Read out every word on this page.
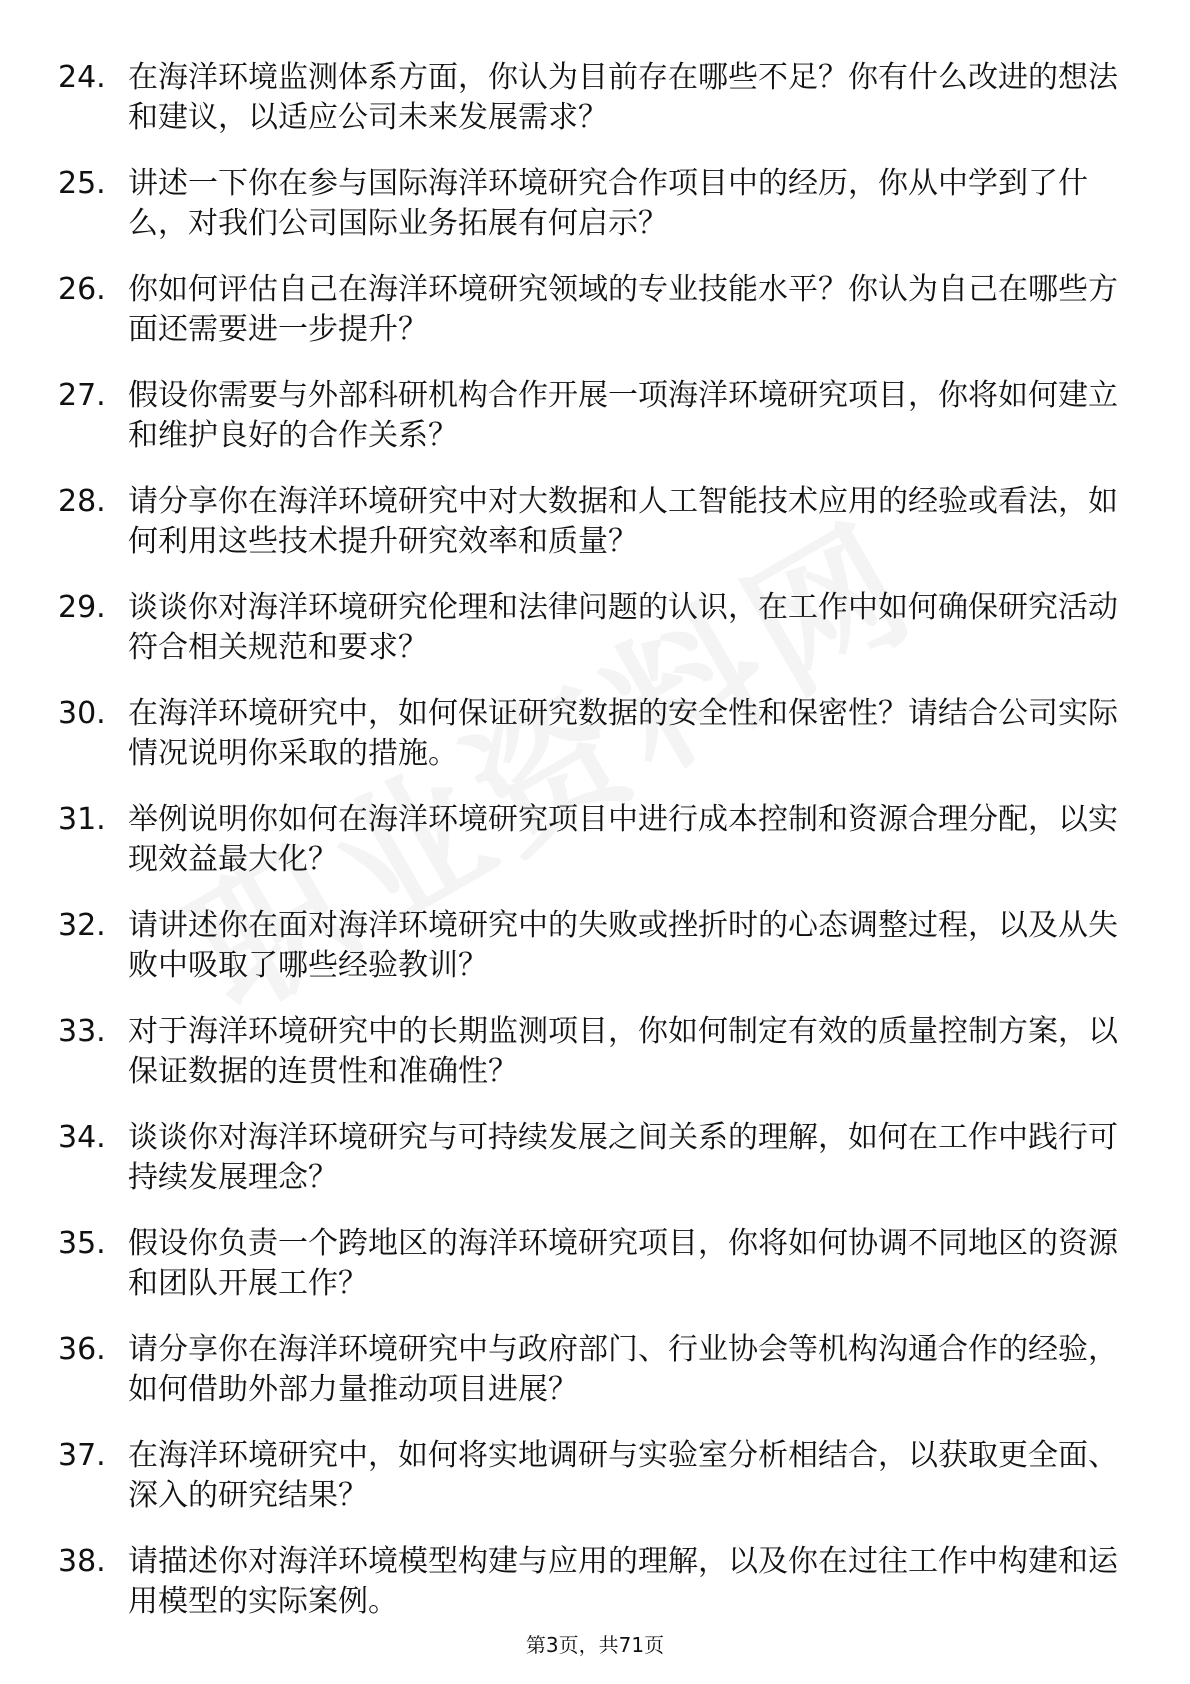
24. 在海洋环境监测体系方面，你认为目前存在哪些不足？你有什么改进的想法和建议，以适应公司未来发展需求？
25. 讲述一下你在参与国际海洋环境研究合作项目中的经历，你从中学到了什么，对我们公司国际业务拓展有何启示？
26. 你如何评估自己在海洋环境研究领域的专业技能水平？你认为自己在哪些方面还需要进一步提升？
27. 假设你需要与外部科研机构合作开展一项海洋环境研究项目，你将如何建立和维护良好的合作关系？
28. 请分享你在海洋环境研究中对大数据和人工智能技术应用的经验或看法，如何利用这些技术提升研究效率和质量？
29. 谈谈你对海洋环境研究伦理和法律问题的认识，在工作中如何确保研究活动符合相关规范和要求？
30. 在海洋环境研究中，如何保证研究数据的安全性和保密性？请结合公司实际情况说明你采取的措施。
31. 举例说明你如何在海洋环境研究项目中进行成本控制和资源合理分配，以实现效益最大化？
32. 请讲述你在面对海洋环境研究中的失败或挫折时的心态调整过程，以及从失败中吸取了哪些经验教训？
33. 对于海洋环境研究中的长期监测项目，你如何制定有效的质量控制方案，以保证数据的连贯性和准确性？
34. 谈谈你对海洋环境研究与可持续发展之间关系的理解，如何在工作中践行可持续发展理念？
35. 假设你负责一个跨地区的海洋环境研究项目，你将如何协调不同地区的资源和团队开展工作？
36. 请分享你在海洋环境研究中与政府部门、行业协会等机构沟通合作的经验，如何借助外部力量推动项目进展？
37. 在海洋环境研究中，如何将实地调研与实验室分析相结合，以获取更全面、深入的研究结果？
38. 请描述你对海洋环境模型构建与应用的理解，以及你在过往工作中构建和运用模型的实际案例。
第3页，共71页
